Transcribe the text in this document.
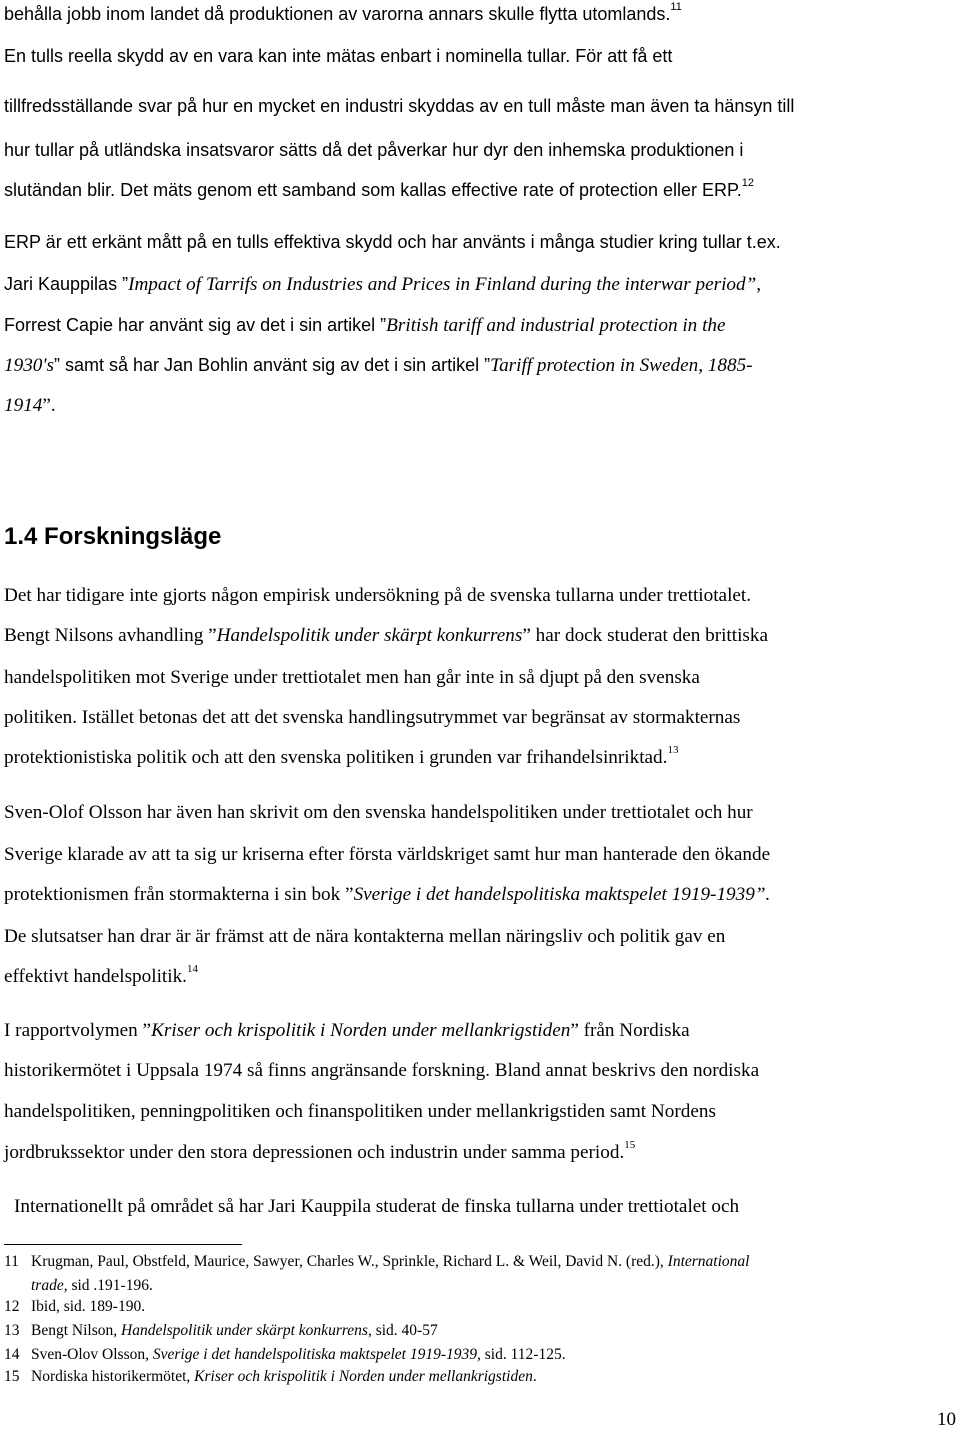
behålla jobb inom landet då produktionen av varorna annars skulle flytta utomlands.$^{11}$
En tulls reella skydd av en vara kan inte mätas enbart i nominella tullar. För att få ett
tillfredsställande svar på hur en mycket en industri skyddas av en tull måste man även ta hänsyn till
hur tullar på utländska insatsvaror sätts då det påverkar hur dyr den inhemska produktionen i
slutändan blir. Det mäts genom ett samband som kallas effective rate of protection eller ERP.$^{12}$
ERP är ett erkänt mått på en tulls effektiva skydd och har använts i många studier kring tullar t.ex.
Jari Kauppilas ”Impact of Tarrifs on Industries and Prices in Finland during the interwar period”,
Forrest Capie har använt sig av det i sin artikel ”British tariff and industrial protection in the
1930's” samt så har Jan Bohlin använt sig av det i sin artikel ”Tariff protection in Sweden, 1885-
1914”.
1.4 Forskningsläge
Det har tidigare inte gjorts någon empirisk undersökning på de svenska tullarna under trettiotalet.
Bengt Nilsons avhandling ”Handelspolitik under skärpt konkurrens” har dock studerat den brittiska
handelspolitiken mot Sverige under trettiotalet men han går inte in så djupt på den svenska
politiken. Istället betonas det att det svenska handlingsutrymmet var begränsat av stormakternas
protektionistiska politik och att den svenska politiken i grunden var frihandelsinriktad.$^{13}$
Sven-Olof Olsson har även han skrivit om den svenska handelspolitiken under trettiotalet och hur
Sverige klarade av att ta sig ur kriserna efter första världskriget samt hur man hanterade den ökande
protektionismen från stormakterna i sin bok ”Sverige i det handelspolitiska maktspelet 1919-1939”.
De slutsatser han drar är är främst att de nära kontakterna mellan näringsliv och politik gav en
effektivt handelspolitik.$^{14}$
I rapportvolymen ”Kriser och krispolitik i Norden under mellankrigstiden” från Nordiska
historikermötet i Uppsala 1974 så finns angränsande forskning. Bland annat beskrivs den nordiska
handelspolitiken, penningpolitiken och finanspolitiken under mellankrigstiden samt Nordens
jordbrukssektor under den stora depressionen och industrin under samma period.$^{15}$
Internationellt på området så har Jari Kauppila studerat de finska tullarna under trettiotalet och
11 Krugman, Paul, Obstfeld, Maurice, Sawyer, Charles W., Sprinkle, Richard L. & Weil, David N. (red.), International
trade, sid .191-196.
12 Ibid, sid. 189-190.
13 Bengt Nilson, Handelspolitik under skärpt konkurrens, sid. 40-57
14 Sven-Olov Olsson, Sverige i det handelspolitiska maktspelet 1919-1939, sid. 112-125.
15 Nordiska historikermötet, Kriser och krispolitik i Norden under mellankrigstiden.
10
